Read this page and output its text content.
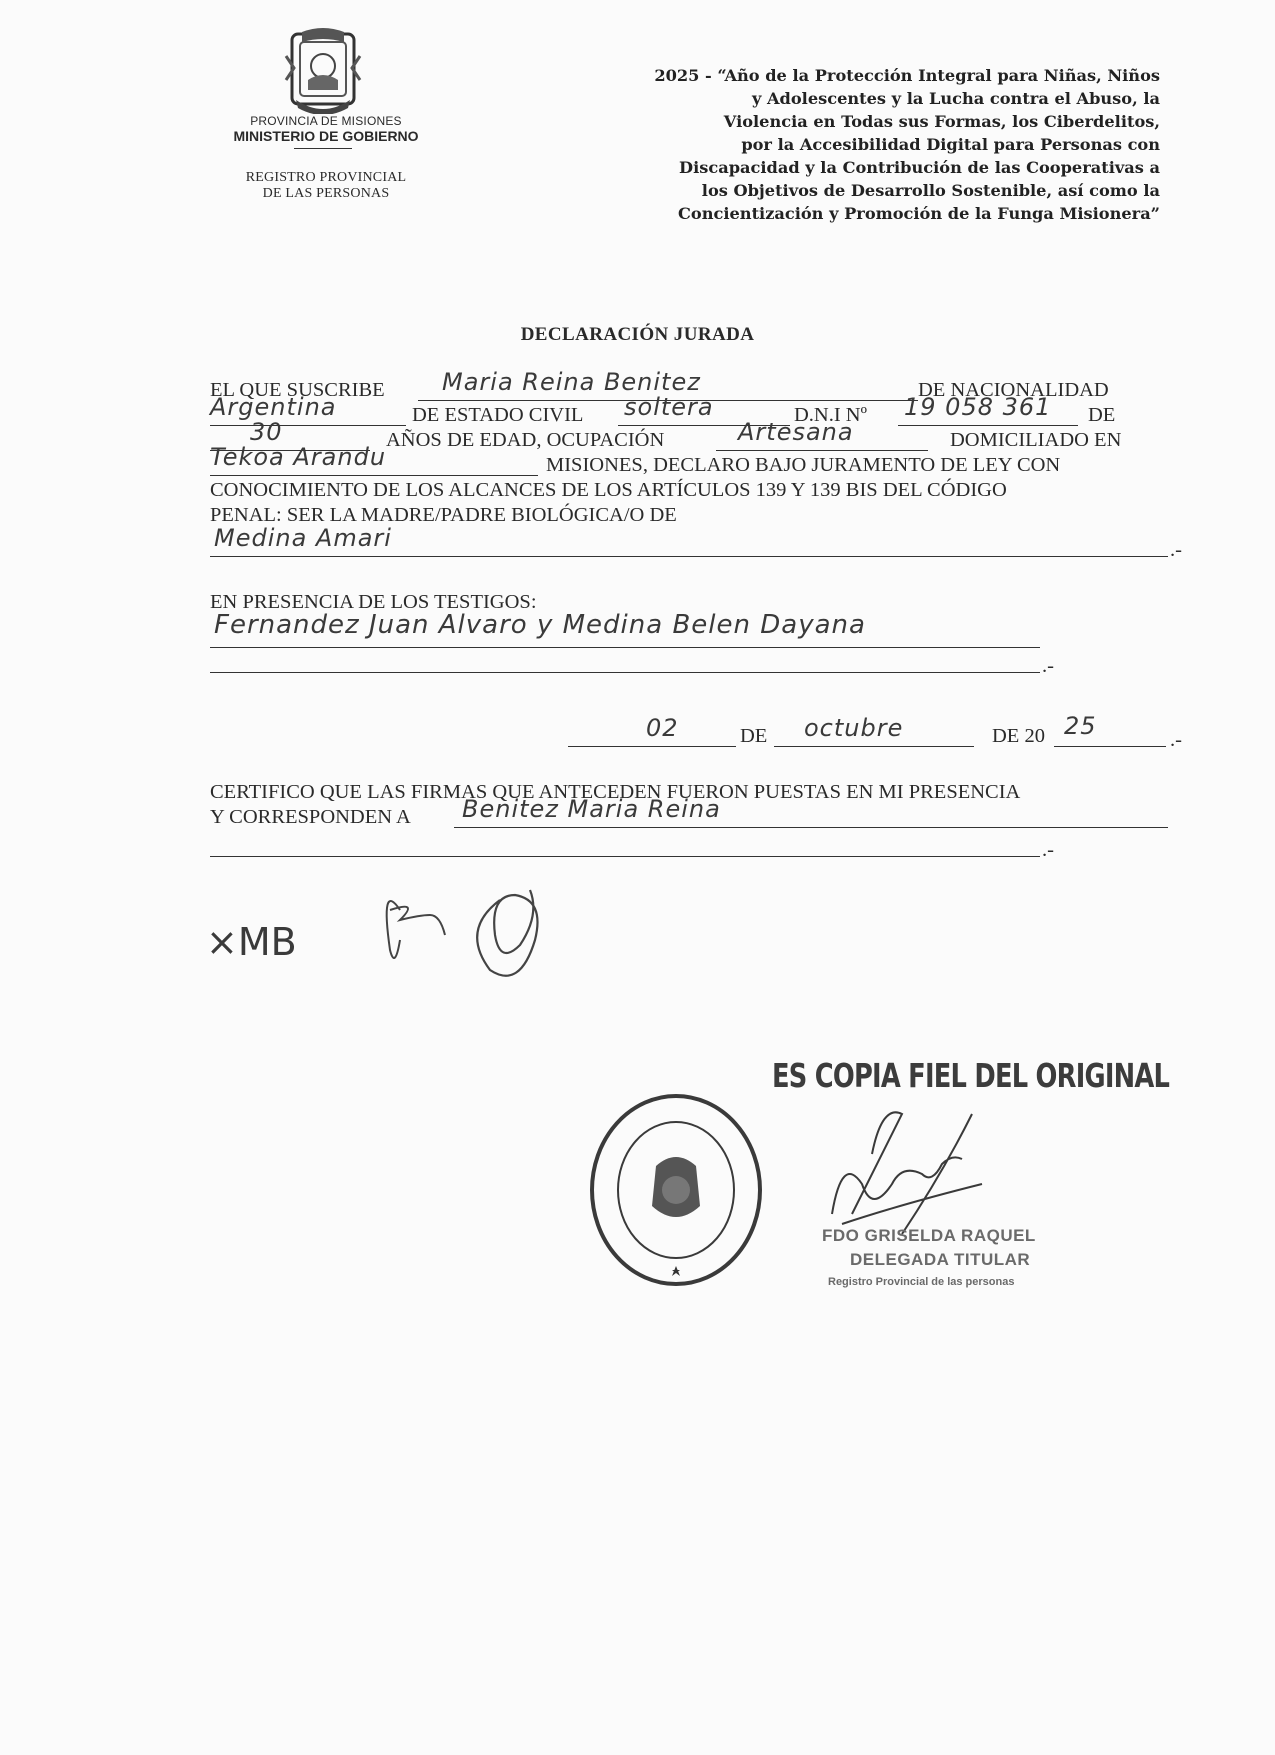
PROVINCIA DE MISIONES
MINISTERIO DE GOBIERNO
REGISTRO PROVINCIAL
DE LAS PERSONAS
2025 - “Año de la Protección Integral para Niñas, Niños
y Adolescentes y la Lucha contra el Abuso, la
Violencia en Todas sus Formas, los Ciberdelitos,
por la Accesibilidad Digital para Personas con
Discapacidad y la Contribución de las Cooperativas a
los Objetivos de Desarrollo Sostenible, así como la
Concientización y Promoción de la Funga Misionera”
DECLARACIÓN JURADA
EL QUE SUSCRIBE Maria Reina Benitez	DE NACIONALIDAD
Argentina	DE ESTADO CIVIL soltera	D.N.I Nº 19 058 361 DE
30	AÑOS DE EDAD, OCUPACIÓN	Artesana	DOMICILIADO EN
Tekoa Arandu	MISIONES, DECLARO BAJO JURAMENTO DE LEY CON
CONOCIMIENTO DE LOS ALCANCES DE LOS ARTÍCULOS 139 Y 139 BIS DEL CÓDIGO
PENAL: SER LA MADRE/PADRE BIOLÓGICA/O DE
Medina Amari	.-
EN PRESENCIA DE LOS TESTIGOS:
Fernandez Juan Alvaro y Medina Belen Dayana
.-
02	DE octubre	DE 20 25	.-
CERTIFICO QUE LAS FIRMAS QUE ANTECEDEN FUERON PUESTAS EN MI PRESENCIA
Y CORRESPONDEN A Benitez Maria Reina
.-
×MB
ES COPIA FIEL DEL ORIGINAL
FDO GRISELDA RAQUEL
DELEGADA TITULAR
Registro Provincial de las personas
